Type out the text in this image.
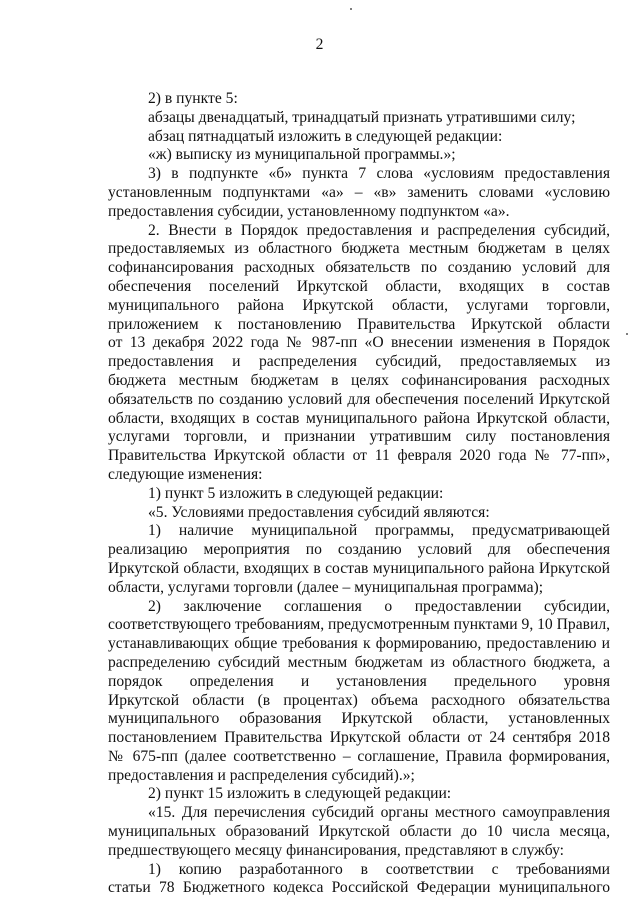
2
2) в пункте 5:
абзацы двенадцатый, тринадцатый признать утратившими силу;
абзац пятнадцатый изложить в следующей редакции:
«ж) выписку из муниципальной программы.»;
3) в подпункте «б» пункта 7 слова «условиям предоставления
установленным подпунктами «а» – «в» заменить словами «условию
предоставления субсидии, установленному подпунктом «а».
2. Внести в Порядок предоставления и распределения субсидий,
предоставляемых из областного бюджета местным бюджетам в целях
софинансирования расходных обязательств по созданию условий для
обеспечения поселений Иркутской области, входящих в состав
муниципального района Иркутской области, услугами торговли,
приложением к постановлению Правительства Иркутской области
от 13 декабря 2022 года № 987-пп «О внесении изменения в Порядок
предоставления и распределения субсидий, предоставляемых из
бюджета местным бюджетам в целях софинансирования расходных
обязательств по созданию условий для обеспечения поселений Иркутской
области, входящих в состав муниципального района Иркутской области,
услугами торговли, и признании утратившим силу постановления
Правительства Иркутской области от 11 февраля 2020 года № 77-пп»,
следующие изменения:
1) пункт 5 изложить в следующей редакции:
«5. Условиями предоставления субсидий являются:
1) наличие муниципальной программы, предусматривающей
реализацию мероприятия по созданию условий для обеспечения
Иркутской области, входящих в состав муниципального района Иркутской
области, услугами торговли (далее – муниципальная программа);
2) заключение соглашения о предоставлении субсидии,
соответствующего требованиям, предусмотренным пунктами 9, 10 Правил,
устанавливающих общие требования к формированию, предоставлению и
распределению субсидий местным бюджетам из областного бюджета, а
порядок определения и установления предельного уровня
Иркутской области (в процентах) объема расходного обязательства
муниципального образования Иркутской области, установленных
постановлением Правительства Иркутской области от 24 сентября 2018
№ 675-пп (далее соответственно – соглашение, Правила формирования,
предоставления и распределения субсидий).»;
2) пункт 15 изложить в следующей редакции:
«15. Для перечисления субсидий органы местного самоуправления
муниципальных образований Иркутской области до 10 числа месяца,
предшествующего месяцу финансирования, представляют в службу:
1) копию разработанного в соответствии с требованиями
статьи 78 Бюджетного кодекса Российской Федерации муниципального
